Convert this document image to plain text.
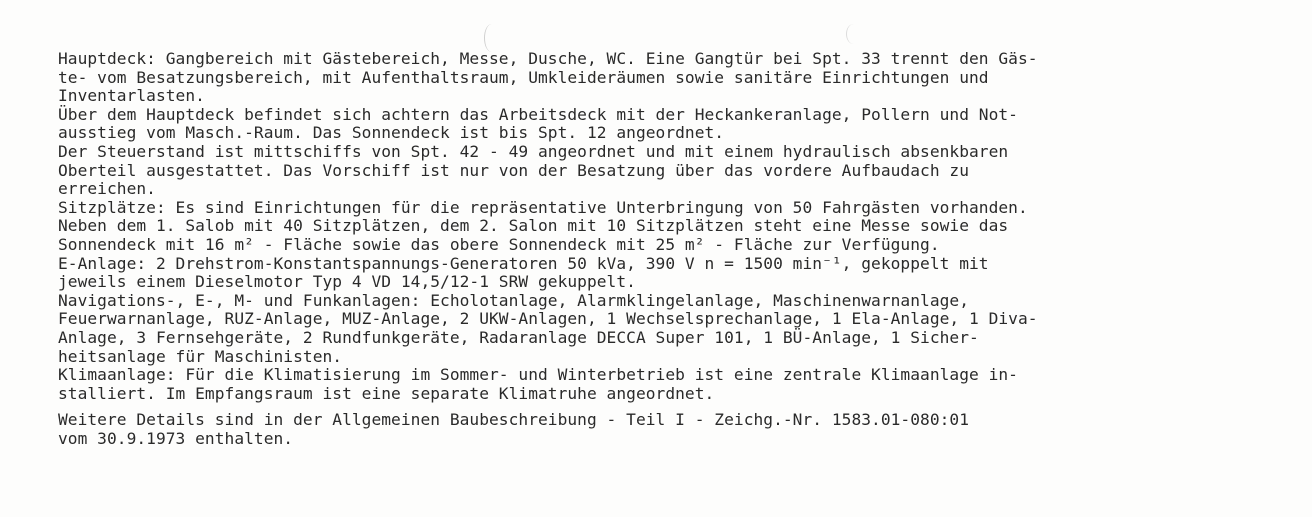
Hauptdeck: Gangbereich mit Gästebereich, Messe, Dusche, WC. Eine Gangtür bei Spt. 33 trennt den Gäs-
te- vom Besatzungsbereich, mit Aufenthaltsraum, Umkleideräumen sowie sanitäre Einrichtungen und
Inventarlasten.
Über dem Hauptdeck befindet sich achtern das Arbeitsdeck mit der Heckankeranlage, Pollern und Not-
ausstieg vom Masch.-Raum. Das Sonnendeck ist bis Spt. 12 angeordnet.
Der Steuerstand ist mittschiffs von Spt. 42 - 49 angeordnet und mit einem hydraulisch absenkbaren
Oberteil ausgestattet. Das Vorschiff ist nur von der Besatzung über das vordere Aufbaudach zu
erreichen.
Sitzplätze: Es sind Einrichtungen für die repräsentative Unterbringung von 50 Fahrgästen vorhanden.
Neben dem 1. Salob mit 40 Sitzplätzen, dem 2. Salon mit 10 Sitzplätzen steht eine Messe sowie das
Sonnendeck mit 16 m² - Fläche sowie das obere Sonnendeck mit 25 m² - Fläche zur Verfügung.
E-Anlage: 2 Drehstrom-Konstantspannungs-Generatoren 50 kVa, 390 V n = 1500 min⁻¹, gekoppelt mit
jeweils einem Dieselmotor Typ 4 VD 14,5/12-1 SRW gekuppelt.
Navigations-, E-, M- und Funkanlagen: Echolotanlage, Alarmklingelanlage, Maschinenwarnanlage,
Feuerwarnanlage, RUZ-Anlage, MUZ-Anlage, 2 UKW-Anlagen, 1 Wechselsprechanlage, 1 Ela-Anlage, 1 Diva-
Anlage, 3 Fernsehgeräte, 2 Rundfunkgeräte, Radaranlage DECCA Super 101, 1 BÜ-Anlage, 1 Sicher-
heitsanlage für Maschinisten.
Klimaanlage: Für die Klimatisierung im Sommer- und Winterbetrieb ist eine zentrale Klimaanlage in-
stalliert. Im Empfangsraum ist eine separate Klimatruhe angeordnet.
Weitere Details sind in der Allgemeinen Baubeschreibung - Teil I - Zeichg.-Nr. 1583.01-080:01
vom 30.9.1973 enthalten.
